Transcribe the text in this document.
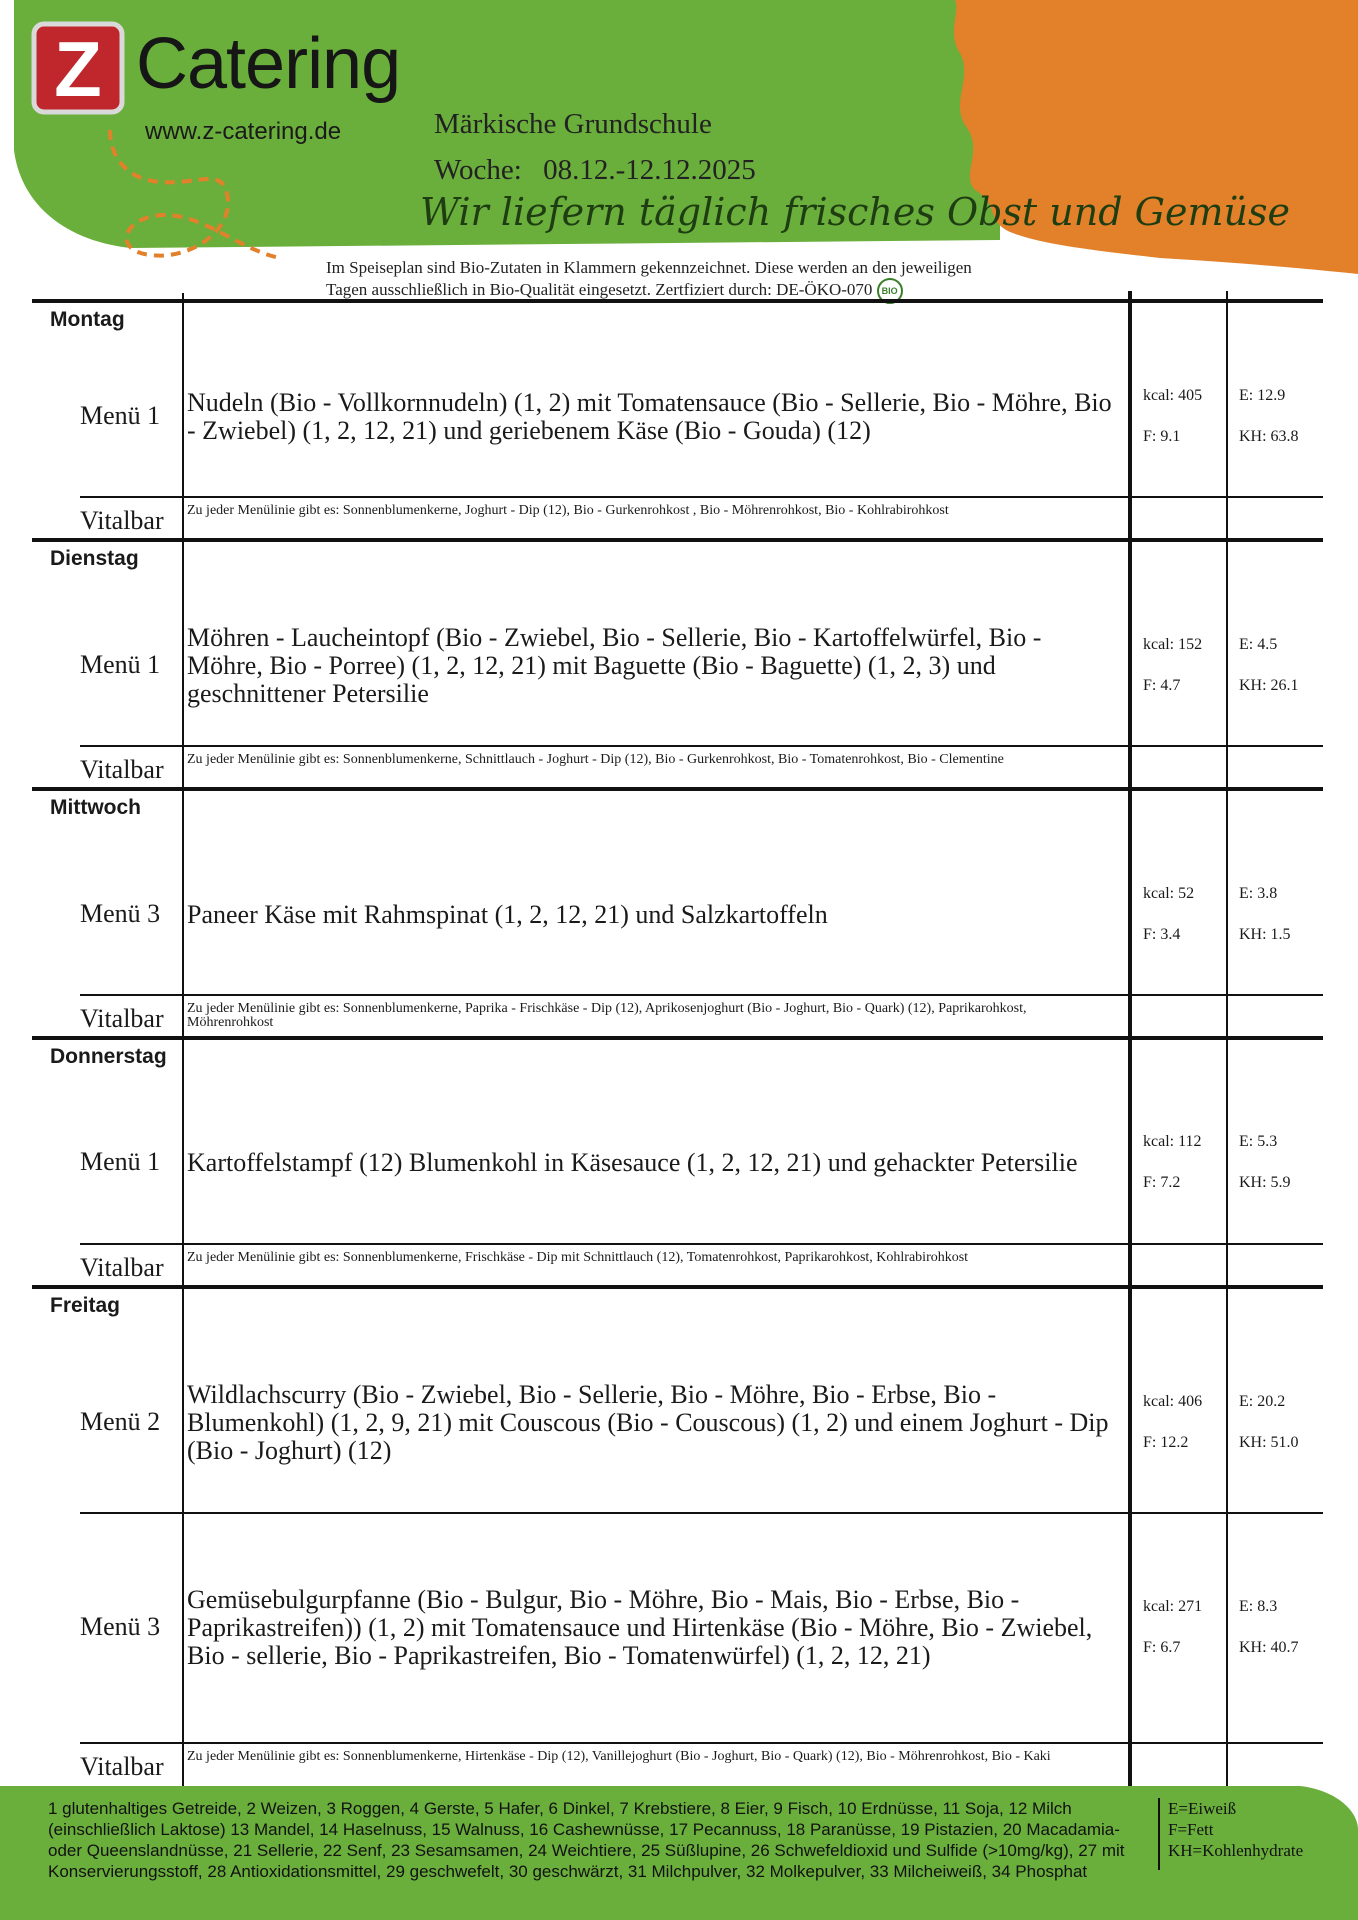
Z Catering
www.z-catering.de	Märkische Grundschule
Woche: 08.12.-12.12.2025
Wir liefern täglich frisches Obst und Gemüse
Im Speiseplan sind Bio-Zutaten in Klammern gekennzeichnet. Diese werden an den jeweiligen
Tagen ausschließlich in Bio-Qualität eingesetzt. Zertfiziert durch: DE-ÖKO-070 BIO
Montag
Menü 1 Nudeln (Bio - Vollkornnudeln) (1, 2) mit Tomatensauce (Bio - Sellerie, Bio - Möhre, Bio - Zwiebel) (1, 2, 12, 21) und geriebenem Käse (Bio - Gouda) (12)
kcal: 405
F: 9.1
E: 12.9
KH: 63.8
Vitalbar Zu jeder Menülinie gibt es: Sonnenblumenkerne, Joghurt - Dip (12), Bio - Gurkenrohkost , Bio - Möhrenrohkost, Bio - Kohlrabirohkost
Dienstag
Menü 1
Möhren - Laucheintopf (Bio - Zwiebel, Bio - Sellerie, Bio - Kartoffelwürfel, Bio - Möhre, Bio - Porree) (1, 2, 12, 21) mit Baguette (Bio - Baguette) (1, 2, 3) und geschnittener Petersilie
kcal: 152
F: 4.7
E: 4.5
KH: 26.1
Vitalbar Zu jeder Menülinie gibt es: Sonnenblumenkerne, Schnittlauch - Joghurt - Dip (12), Bio - Gurkenrohkost, Bio - Tomatenrohkost, Bio - Clementine
Mittwoch
Menü 3 Paneer Käse mit Rahmspinat (1, 2, 12, 21) und Salzkartoffeln
kcal: 52
F: 3.4
E: 3.8
KH: 1.5
Vitalbar Zu jeder Menülinie gibt es: Sonnenblumenkerne, Paprika - Frischkäse - Dip (12), Aprikosenjoghurt (Bio - Joghurt, Bio - Quark) (12), Paprikarohkost, Möhrenrohkost
Donnerstag
Menü 1 Kartoffelstampf (12) Blumenkohl in Käsesauce (1, 2, 12, 21) und gehackter Petersilie
kcal: 112
F: 7.2
E: 5.3
KH: 5.9
Vitalbar Zu jeder Menülinie gibt es: Sonnenblumenkerne, Frischkäse - Dip mit Schnittlauch (12), Tomatenrohkost, Paprikarohkost, Kohlrabirohkost
Freitag
Menü 2
Wildlachscurry (Bio - Zwiebel, Bio - Sellerie, Bio - Möhre, Bio - Erbse, Bio - Blumenkohl) (1, 2, 9, 21) mit Couscous (Bio - Couscous) (1, 2) und einem Joghurt - Dip (Bio - Joghurt) (12)
kcal: 406
F: 12.2
E: 20.2
KH: 51.0
Menü 3
Gemüsebulgurpfanne (Bio - Bulgur, Bio - Möhre, Bio - Mais, Bio - Erbse, Bio - Paprikastreifen)) (1, 2) mit Tomatensauce und Hirtenkäse (Bio - Möhre, Bio - Zwiebel, Bio - sellerie, Bio - Paprikastreifen, Bio - Tomatenwürfel) (1, 2, 12, 21)
kcal: 271
F: 6.7
E: 8.3
KH: 40.7
Vitalbar Zu jeder Menülinie gibt es: Sonnenblumenkerne, Hirtenkäse - Dip (12), Vanillejoghurt (Bio - Joghurt, Bio - Quark) (12), Bio - Möhrenrohkost, Bio - Kaki
1 glutenhaltiges Getreide, 2 Weizen, 3 Roggen, 4 Gerste, 5 Hafer, 6 Dinkel, 7 Krebstiere, 8 Eier, 9 Fisch, 10 Erdnüsse, 11 Soja, 12 Milch (einschließlich Laktose) 13 Mandel, 14 Haselnuss, 15 Walnuss, 16 Cashewnüsse, 17 Pecannuss, 18 Paranüsse, 19 Pistazien, 20 Macadamia- oder Queenslandnüsse, 21 Sellerie, 22 Senf, 23 Sesamsamen, 24 Weichtiere, 25 Süßlupine, 26 Schwefeldioxid und Sulfide (>10mg/kg), 27 mit Konservierungsstoff, 28 Antioxidationsmittel, 29 geschwefelt, 30 geschwärzt, 31 Milchpulver, 32 Molkepulver, 33 Milcheiweiß, 34 Phosphat
E=Eiweiß
F=Fett
KH=Kohlenhydrate
